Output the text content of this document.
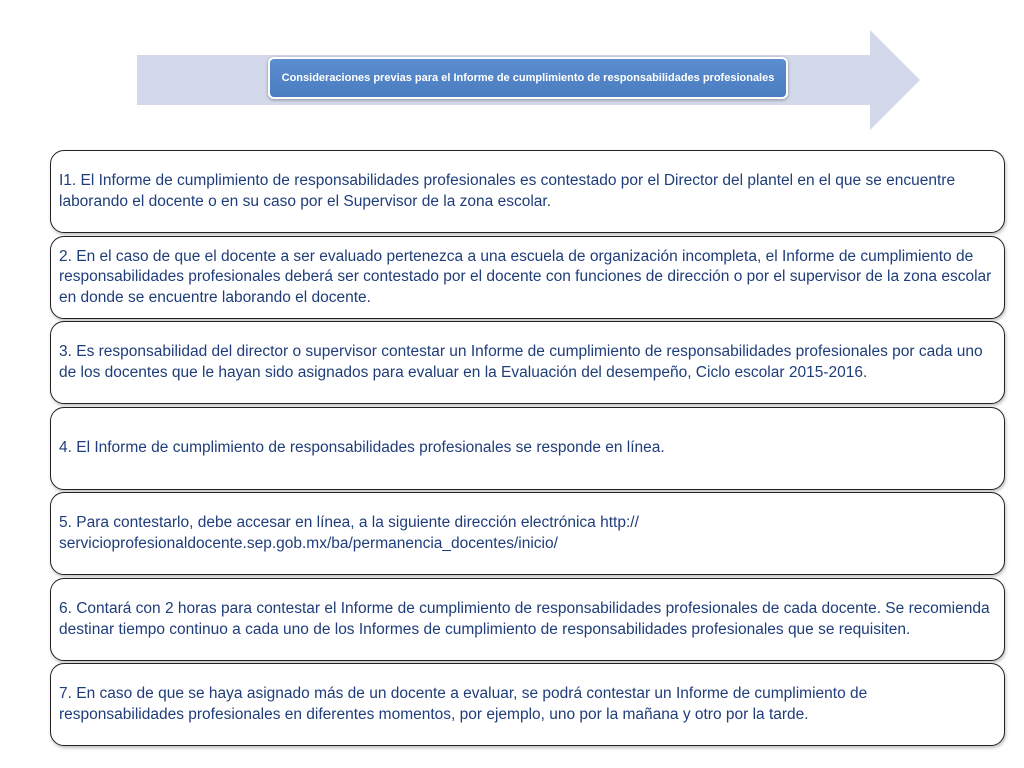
Consideraciones previas para el Informe de cumplimiento de responsabilidades profesionales
I1. El Informe de cumplimiento de responsabilidades profesionales es contestado por el Director del plantel en el que se encuentre laborando el docente o en su caso por el Supervisor de la zona escolar.
2. En el caso de que el docente a ser evaluado pertenezca a una escuela de organización incompleta, el Informe de cumplimiento de responsabilidades profesionales deberá ser contestado por el docente con funciones de dirección o por el supervisor de la zona escolar en donde se encuentre laborando el docente.
3. Es responsabilidad del director o supervisor contestar un Informe de cumplimiento de responsabilidades profesionales por cada uno de los docentes que le hayan sido asignados para evaluar en la Evaluación del desempeño, Ciclo escolar 2015-2016.
4. El Informe de cumplimiento de responsabilidades profesionales se responde en línea.
5. Para contestarlo, debe accesar en línea, a la siguiente dirección electrónica http:// servicioprofesionaldocente.sep.gob.mx/ba/permanencia_docentes/inicio/
6. Contará con 2 horas para contestar el Informe de cumplimiento de responsabilidades profesionales de cada docente. Se recomienda destinar tiempo continuo a cada uno de los Informes de cumplimiento de responsabilidades profesionales que se requisiten.
7. En caso de que se haya asignado más de un docente a evaluar, se podrá contestar un Informe de cumplimiento de responsabilidades profesionales en diferentes momentos, por ejemplo, uno por la mañana y otro por la tarde.
